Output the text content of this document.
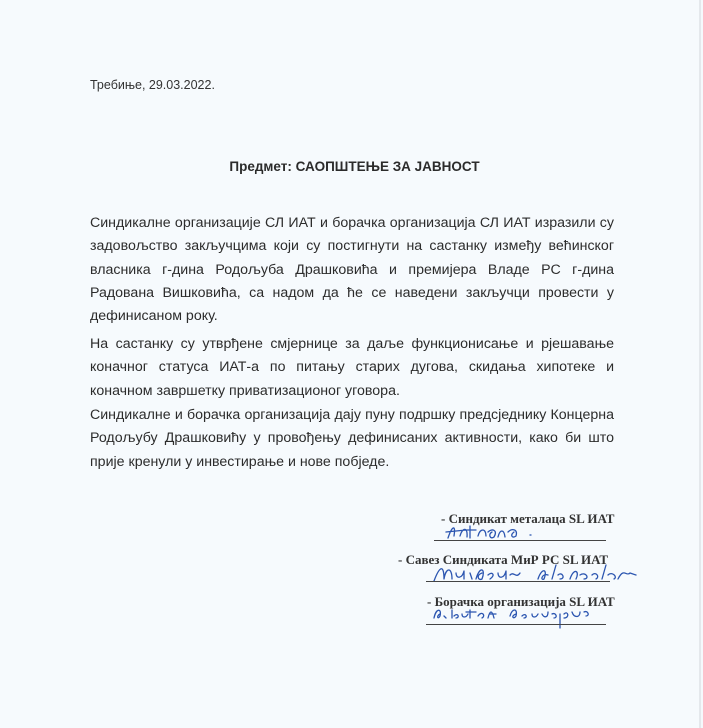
Требиње, 29.03.2022.
Предмет: САОПШТЕЊЕ ЗА ЈАВНОСТ
Синдикалне организације СЛ ИАТ и борачка организација СЛ ИАТ изразили су задовољство закључцима који су постигнути на састанку између већинског власника г-дина Родољуба Драшковића и премијера Владе РС г-дина Радована Вишковића, са надом да ће се наведени закључци провести у дефинисаном року.
На састанку су утврђене смјернице за даље функционисање и рјешавање коначног статуса ИАТ-а по питању старих дугова, скидања хипотеке и коначном завршетку приватизационог уговора.
Синдикалне и борачка организација дају пуну подршку предсједнику Концерна Родољубу Драшковићу у провођењу дефинисаних активности, како би што прије кренули у инвестирање и нове побједе.
- Синдикат металаца SL ИАТ
- Савез Синдиката МиР РС SL ИАТ
- Борачка организација SL ИАТ
